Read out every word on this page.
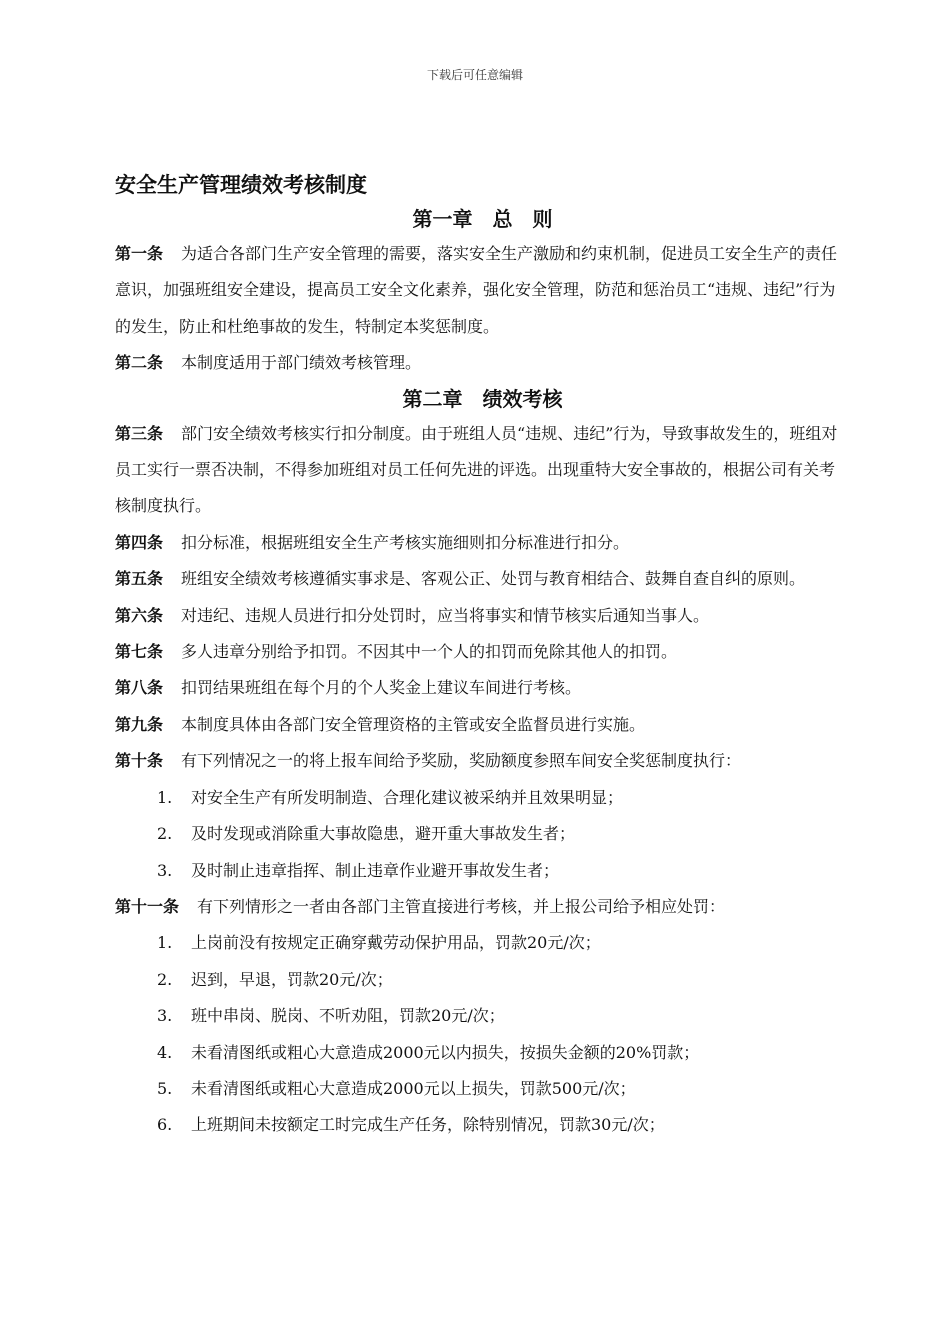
下载后可任意编辑
安全生产管理绩效考核制度
第一章　总　则

第一条 为适合各部门生产安全管理的需要，落实安全生产激励和约束机制，促进员工安全生产的责任意识，加强班组安全建设，提高员工安全文化素养，强化安全管理，防范和惩治员工“违规、违纪”行为的发生，防止和杜绝事故的发生，特制定本奖惩制度。

第二条 本制度适用于部门绩效考核管理。

第二章　绩效考核

第三条 部门安全绩效考核实行扣分制度。由于班组人员“违规、违纪”行为，导致事故发生的，班组对员工实行一票否决制，不得参加班组对员工任何先进的评选。出现重特大安全事故的，根据公司有关考核制度执行。

第四条 扣分标准，根据班组安全生产考核实施细则扣分标准进行扣分。

第五条 班组安全绩效考核遵循实事求是、客观公正、处罚与教育相结合、鼓舞自查自纠的原则。

第六条 对违纪、违规人员进行扣分处罚时，应当将事实和情节核实后通知当事人。

第七条 多人违章分别给予扣罚。不因其中一个人的扣罚而免除其他人的扣罚。

第八条 扣罚结果班组在每个月的个人奖金上建议车间进行考核。

第九条 本制度具体由各部门安全管理资格的主管或安全监督员进行实施。

第十条 有下列情况之一的将上报车间给予奖励，奖励额度参照车间安全奖惩制度执行：

1. 对安全生产有所发明制造、合理化建议被采纳并且效果明显；
2. 及时发现或消除重大事故隐患，避开重大事故发生者；
3. 及时制止违章指挥、制止违章作业避开事故发生者；

第十一条 有下列情形之一者由各部门主管直接进行考核，并上报公司给予相应处罚：

1. 上岗前没有按规定正确穿戴劳动保护用品，罚款20元/次；
2. 迟到，早退，罚款20元/次；
3. 班中串岗、脱岗、不听劝阻，罚款20元/次；
4. 未看清图纸或粗心大意造成2000元以内损失，按损失金额的20%罚款；
5. 未看清图纸或粗心大意造成2000元以上损失，罚款500元/次；
6. 上班期间未按额定工时完成生产任务，除特别情况，罚款30元/次；
